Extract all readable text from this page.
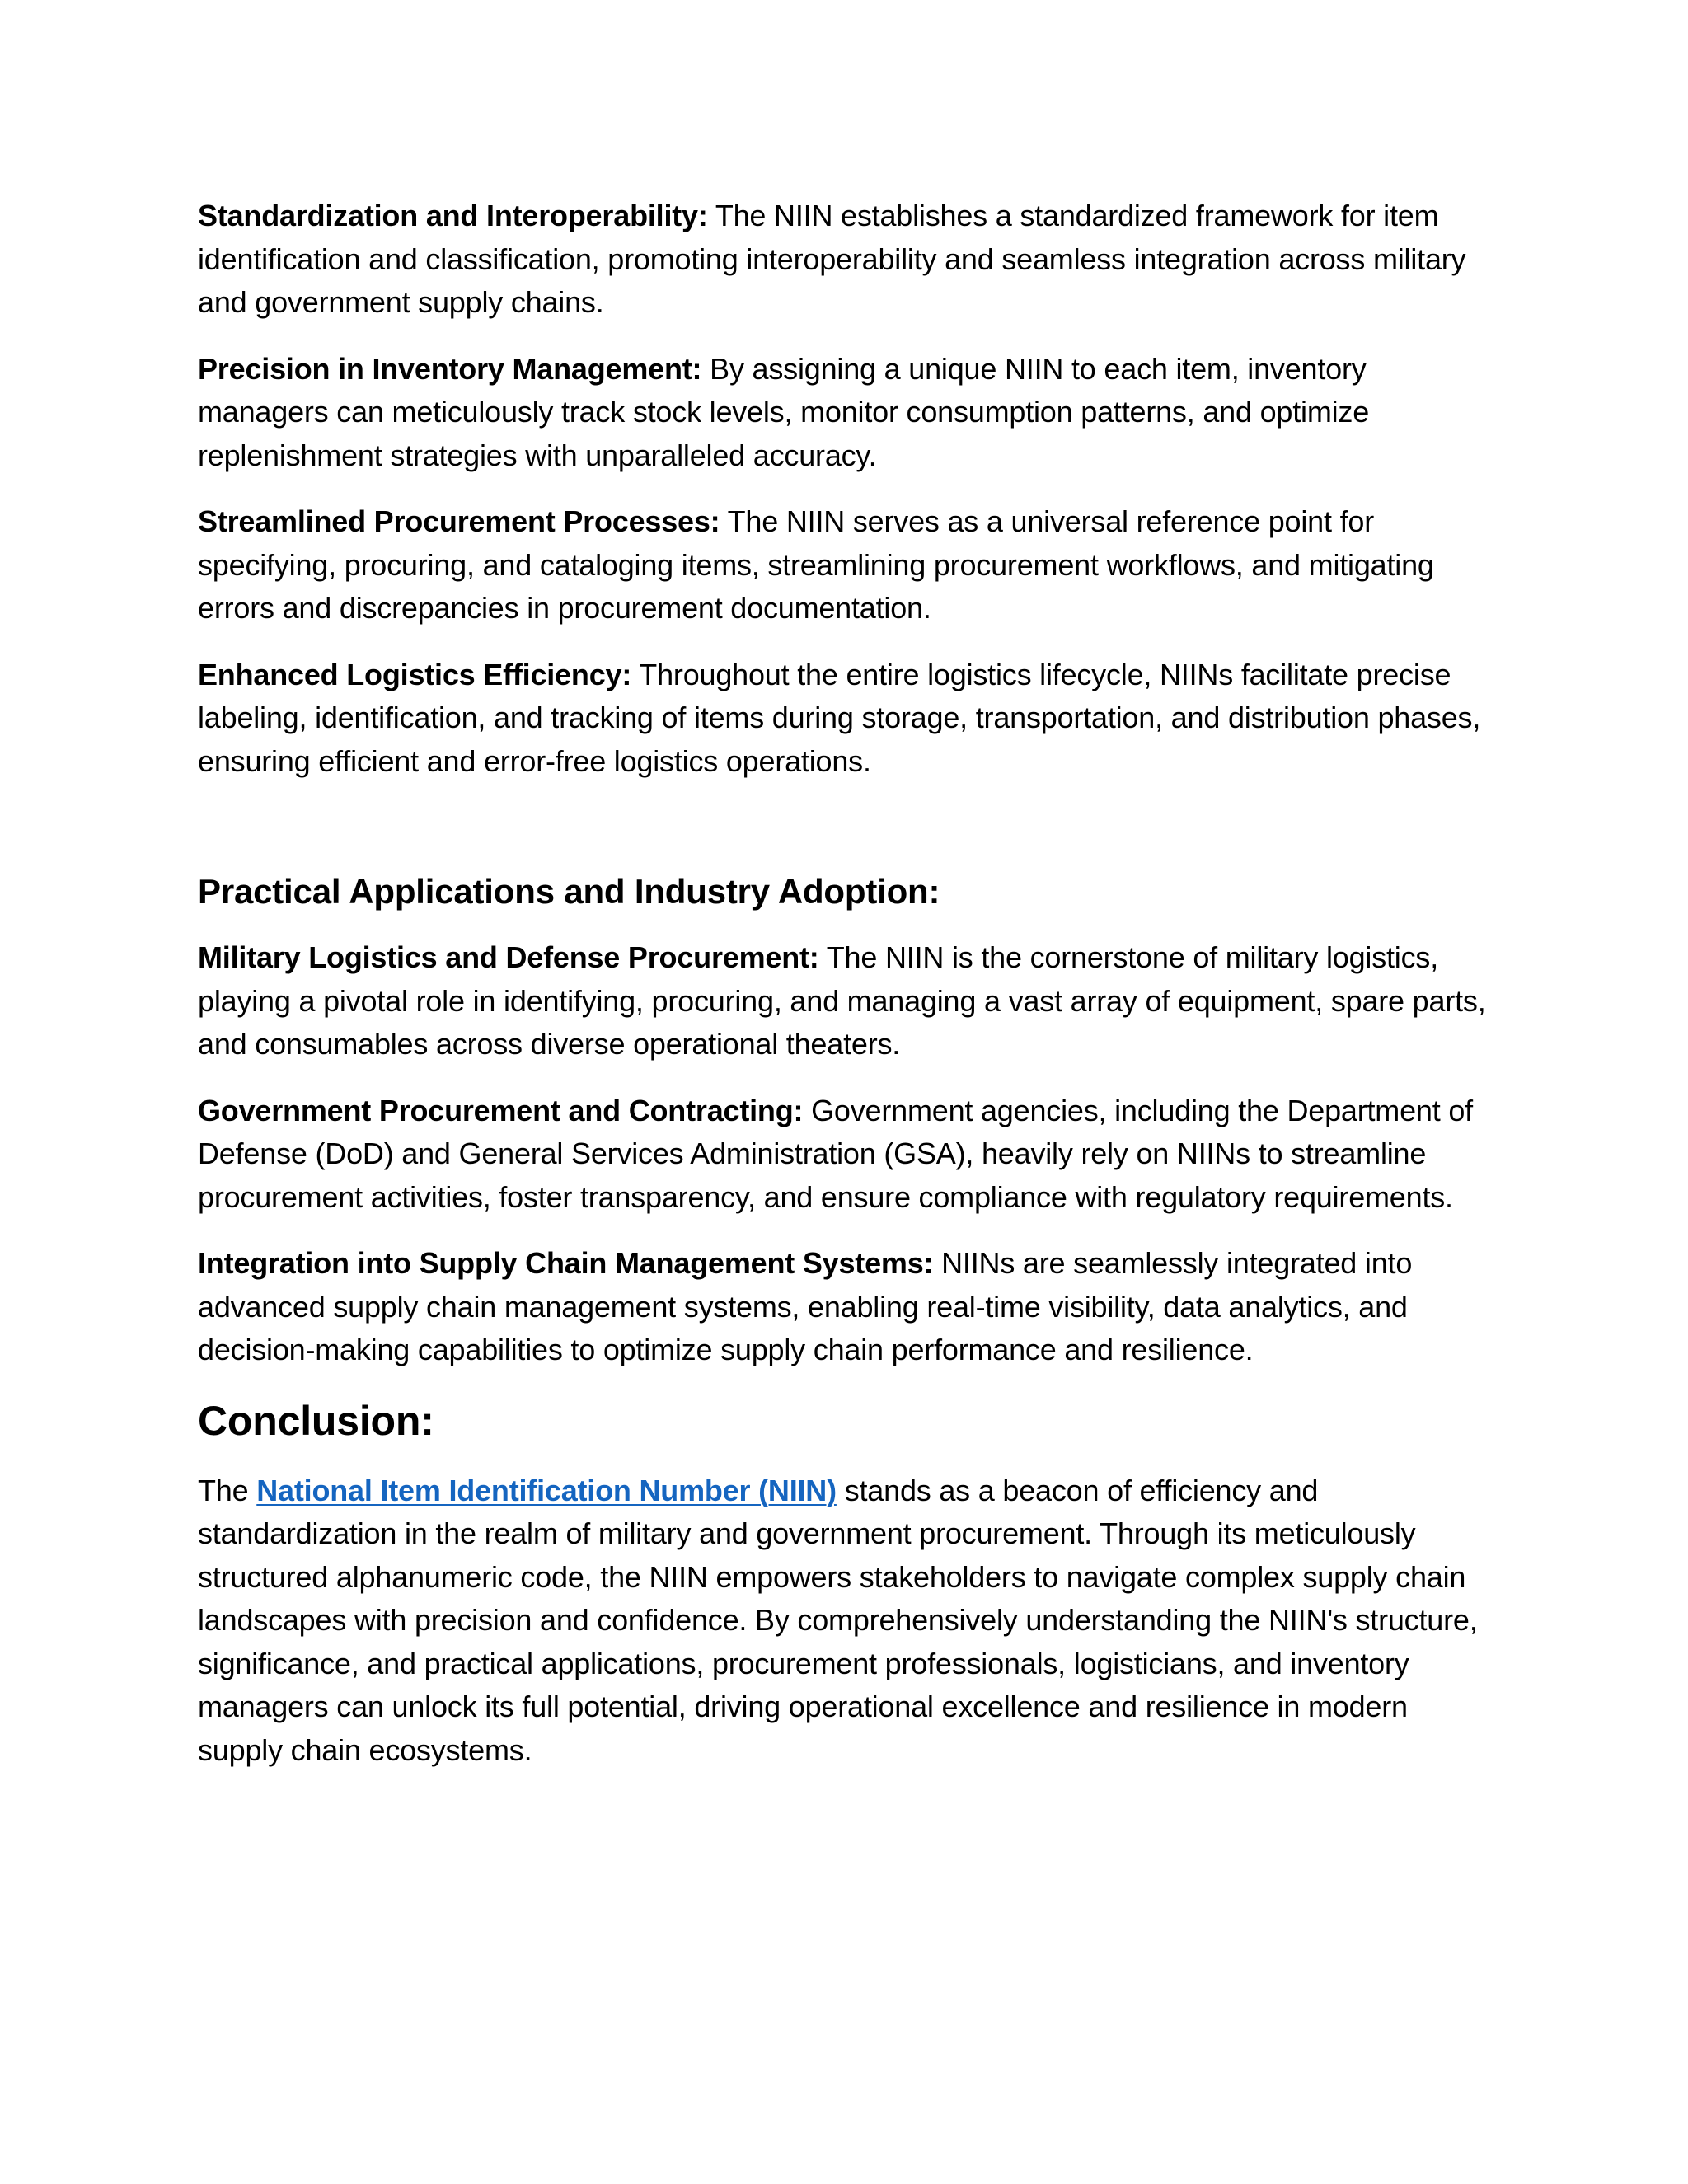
Standardization and Interoperability: The NIIN establishes a standardized framework for item identification and classification, promoting interoperability and seamless integration across military and government supply chains.

Precision in Inventory Management: By assigning a unique NIIN to each item, inventory managers can meticulously track stock levels, monitor consumption patterns, and optimize replenishment strategies with unparalleled accuracy.

Streamlined Procurement Processes: The NIIN serves as a universal reference point for specifying, procuring, and cataloging items, streamlining procurement workflows, and mitigating errors and discrepancies in procurement documentation.

Enhanced Logistics Efficiency: Throughout the entire logistics lifecycle, NIINs facilitate precise labeling, identification, and tracking of items during storage, transportation, and distribution phases, ensuring efficient and error-free logistics operations.

Practical Applications and Industry Adoption:

Military Logistics and Defense Procurement: The NIIN is the cornerstone of military logistics, playing a pivotal role in identifying, procuring, and managing a vast array of equipment, spare parts, and consumables across diverse operational theaters.

Government Procurement and Contracting: Government agencies, including the Department of Defense (DoD) and General Services Administration (GSA), heavily rely on NIINs to streamline procurement activities, foster transparency, and ensure compliance with regulatory requirements.

Integration into Supply Chain Management Systems: NIINs are seamlessly integrated into advanced supply chain management systems, enabling real-time visibility, data analytics, and decision-making capabilities to optimize supply chain performance and resilience.

Conclusion:

The National Item Identification Number (NIIN) stands as a beacon of efficiency and standardization in the realm of military and government procurement. Through its meticulously structured alphanumeric code, the NIIN empowers stakeholders to navigate complex supply chain landscapes with precision and confidence. By comprehensively understanding the NIIN's structure, significance, and practical applications, procurement professionals, logisticians, and inventory managers can unlock its full potential, driving operational excellence and resilience in modern supply chain ecosystems.
